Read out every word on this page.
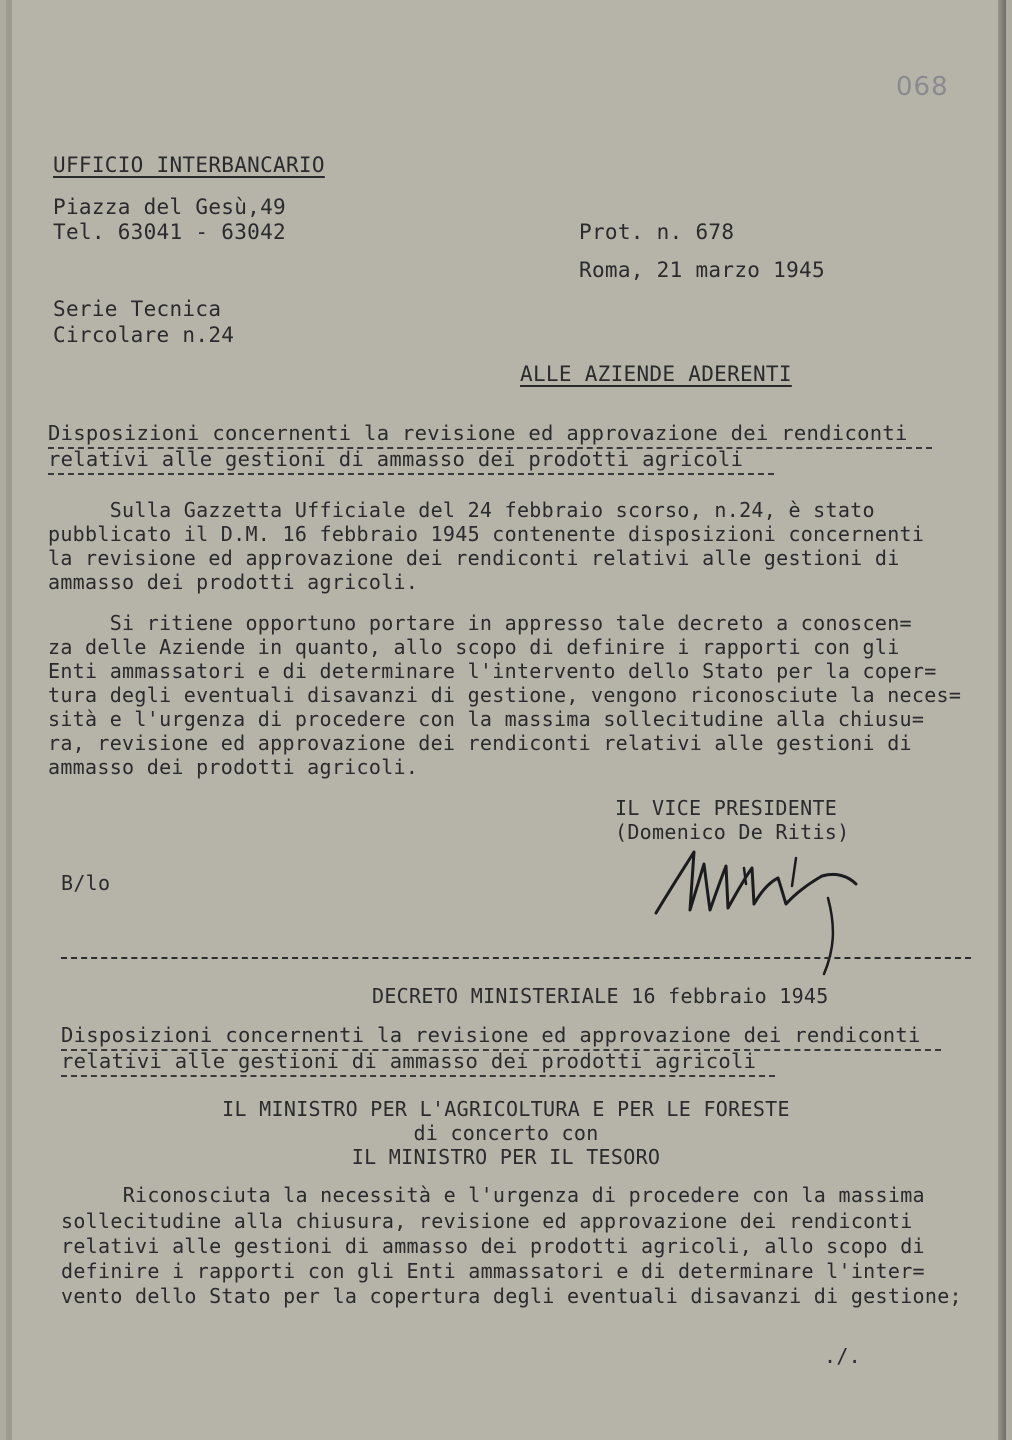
068
UFFICIO INTERBANCARIO
Piazza del Gesù,49
Tel. 63041 - 63042	Prot. n. 678
Roma, 21 marzo 1945
Serie Tecnica
Circolare n.24
ALLE AZIENDE ADERENTI
Disposizioni concernenti la revisione ed approvazione dei rendiconti
relativi alle gestioni di ammasso dei prodotti agricoli
Sulla Gazzetta Ufficiale del 24 febbraio scorso, n.24, è stato
pubblicato il D.M. 16 febbraio 1945 contenente disposizioni concernenti
la revisione ed approvazione dei rendiconti relativi alle gestioni di
ammasso dei prodotti agricoli.
Si ritiene opportuno portare in appresso tale decreto a conoscen=
za delle Aziende in quanto, allo scopo di definire i rapporti con gli
Enti ammassatori e di determinare l'intervento dello Stato per la coper=
tura degli eventuali disavanzi di gestione, vengono riconosciute la neces=
sità e l'urgenza di procedere con la massima sollecitudine alla chiusu=
ra, revisione ed approvazione dei rendiconti relativi alle gestioni di
ammasso dei prodotti agricoli.
IL VICE PRESIDENTE
(Domenico De Ritis)
B/lo
DECRETO MINISTERIALE 16 febbraio 1945
Disposizioni concernenti la revisione ed approvazione dei rendiconti
relativi alle gestioni di ammasso dei prodotti agricoli
IL MINISTRO PER L'AGRICOLTURA E PER LE FORESTE
di concerto con
IL MINISTRO PER IL TESORO
Riconosciuta la necessità e l'urgenza di procedere con la massima
sollecitudine alla chiusura, revisione ed approvazione dei rendiconti
relativi alle gestioni di ammasso dei prodotti agricoli, allo scopo di
definire i rapporti con gli Enti ammassatori e di determinare l'inter=
vento dello Stato per la copertura degli eventuali disavanzi di gestione;
./.
